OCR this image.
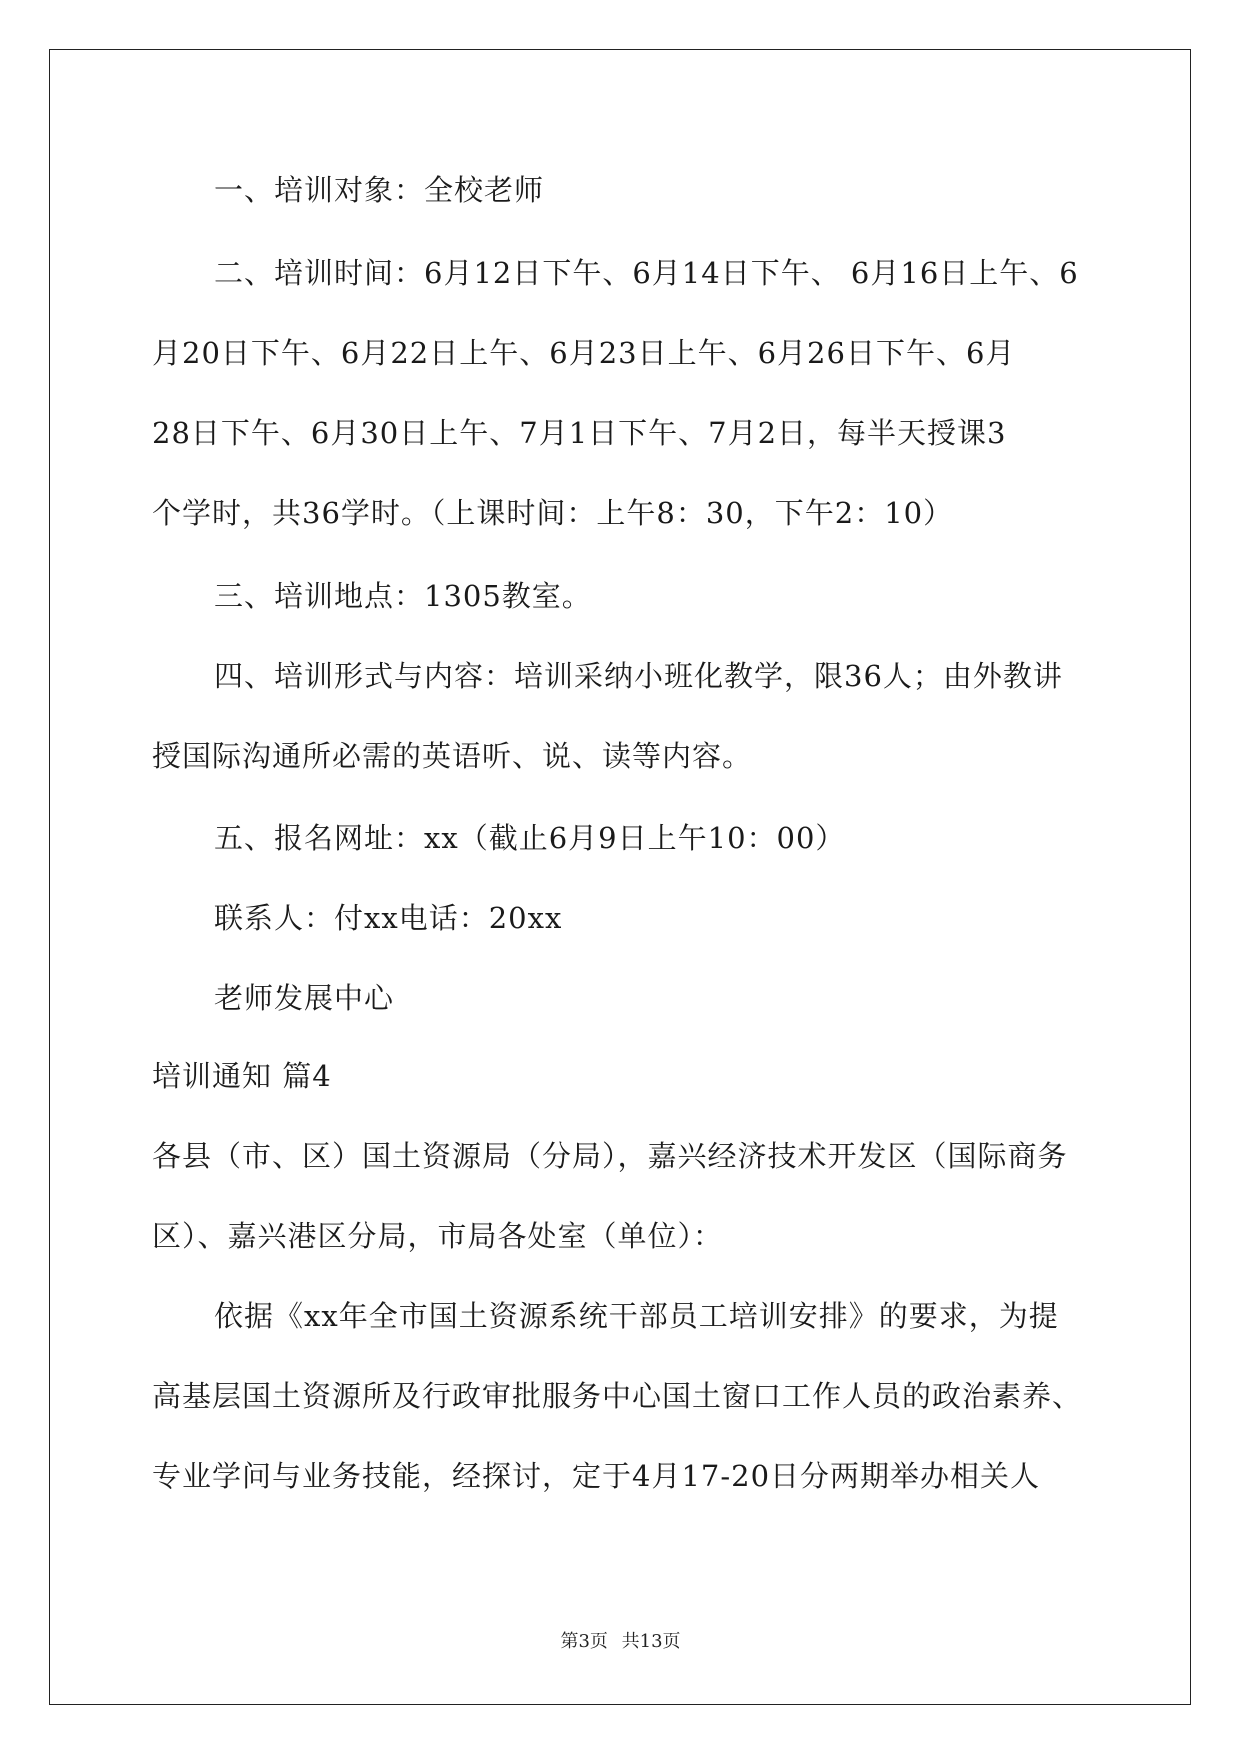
一、培训对象：全校老师
二、培训时间：6月12日下午、6月14日下午、 6月16日上午、6
月20日下午、6月22日上午、6月23日上午、6月26日下午、6月
28日下午、6月30日上午、7月1日下午、7月2日，每半天授课3
个学时，共36学时。（上课时间：上午8：30，下午2：10）
三、培训地点：1305教室。
四、培训形式与内容：培训采纳小班化教学，限36人；由外教讲
授国际沟通所必需的英语听、说、读等内容。
五、报名网址：xx（截止6月9日上午10：00）
联系人：付xx电话：20xx
老师发展中心
培训通知 篇4
各县（市、区）国土资源局（分局），嘉兴经济技术开发区（国际商务
区）、嘉兴港区分局，市局各处室（单位）：
依据《xx年全市国土资源系统干部员工培训安排》的要求，为提
高基层国土资源所及行政审批服务中心国土窗口工作人员的政治素养、
专业学问与业务技能，经探讨，定于4月17-20日分两期举办相关人
第3页 共13页
